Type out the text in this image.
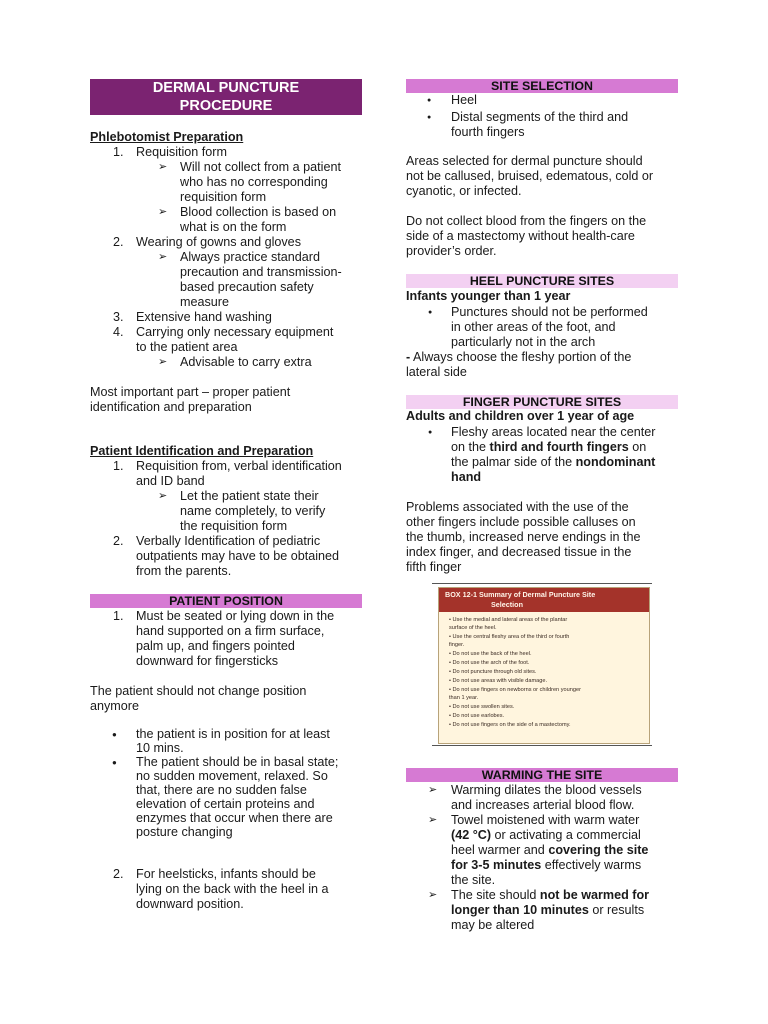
DERMAL PUNCTURE
PROCEDURE
Phlebotomist Preparation
1. Requisition form
➢ Will not collect from a patient
who has no corresponding
requisition form
➢ Blood collection is based on
what is on the form
2. Wearing of gowns and gloves
➢ Always practice standard
precaution and transmission-
based precaution safety
measure
3. Extensive hand washing
4. Carrying only necessary equipment
to the patient area
➢ Advisable to carry extra
Most important part – proper patient
identification and preparation
Patient Identification and Preparation
1. Requisition from, verbal identification
and ID band
➢ Let the patient state their
name completely, to verify
the requisition form
2. Verbally Identification of pediatric
outpatients may have to be obtained
from the parents.
PATIENT POSITION
1. Must be seated or lying down in the
hand supported on a firm surface,
palm up, and fingers pointed
downward for fingersticks
The patient should not change position
anymore
● the patient is in position for at least
10 mins.
● The patient should be in basal state;
no sudden movement, relaxed. So
that, there are no sudden false
elevation of certain proteins and
enzymes that occur when there are
posture changing
2. For heelsticks, infants should be
lying on the back with the heel in a
downward position.
SITE SELECTION
● Heel
● Distal segments of the third and
fourth fingers
Areas selected for dermal puncture should
not be callused, bruised, edematous, cold or
cyanotic, or infected.
Do not collect blood from the fingers on the
side of a mastectomy without health-care
provider’s order.
HEEL PUNCTURE SITES
Infants younger than 1 year
● Punctures should not be performed
in other areas of the foot, and
particularly not in the arch
- Always choose the fleshy portion of the
lateral side
FINGER PUNCTURE SITES
Adults and children over 1 year of age
● Fleshy areas located near the center
on the third and fourth fingers on
the palmar side of the nondominant
hand
Problems associated with the use of the
other fingers include possible calluses on
the thumb, increased nerve endings in the
index finger, and decreased tissue in the
fifth finger
BOX 12-1 Summary of Dermal Puncture Site
Selection
• Use the medial and lateral areas of the plantar
surface of the heel.
• Use the central fleshy area of the third or fourth
finger.
• Do not use the back of the heel.
• Do not use the arch of the foot.
• Do not puncture through old sites.
• Do not use areas with visible damage.
• Do not use fingers on newborns or children younger
than 1 year.
• Do not use swollen sites.
• Do not use earlobes.
• Do not use fingers on the side of a mastectomy.
WARMING THE SITE
➢ Warming dilates the blood vessels
and increases arterial blood flow.
➢ Towel moistened with warm water
(42 °C) or activating a commercial
heel warmer and covering the site
for 3-5 minutes effectively warms
the site.
➢ The site should not be warmed for
longer than 10 minutes or results
may be altered
